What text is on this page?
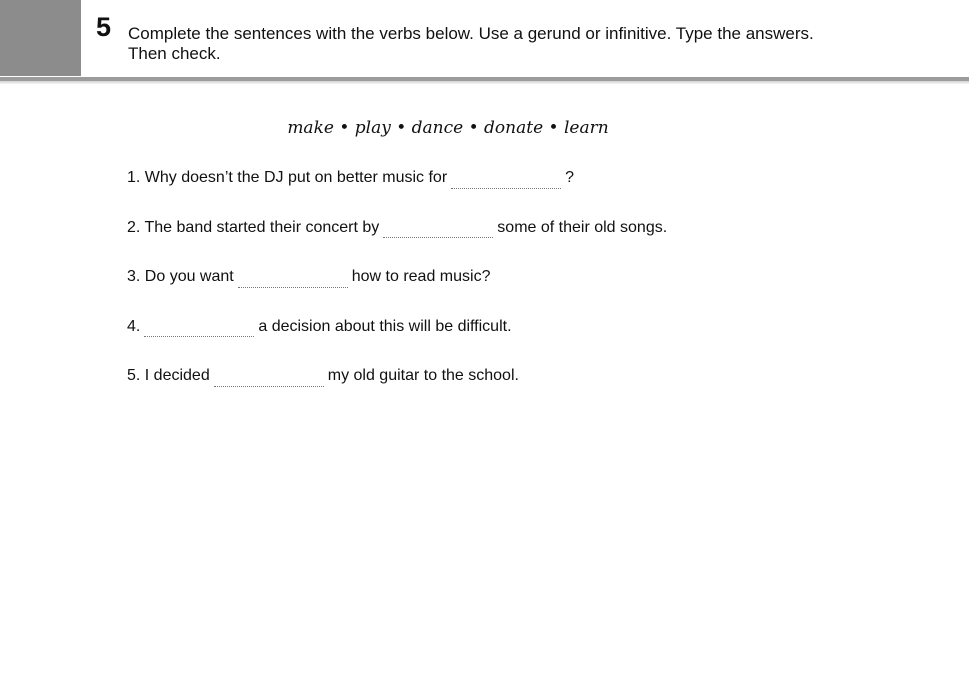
5 Complete the sentences with the verbs below. Use a gerund or infinitive. Type the answers.
Then check.
make • play • dance • donate • learn
1. Why doesn’t the DJ put on better music for	?
2. The band started their concert by	some of their old songs.
3. Do you want	how to read music?
4.	a decision about this will be difficult.
5. I decided	my old guitar to the school.
